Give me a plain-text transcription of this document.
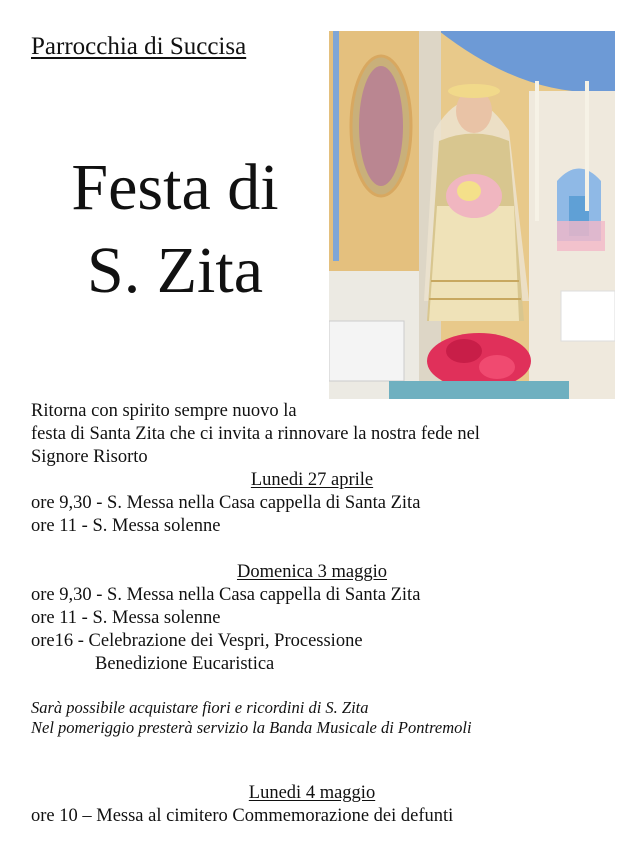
Parrocchia di Succisa
Festa di
S. Zita
Ritorna con spirito sempre nuovo la
festa di Santa Zita che ci invita a rinnovare la nostra fede nel
Signore Risorto
Lunedi 27 aprile
ore 9,30 - S. Messa nella Casa cappella di Santa Zita
ore 11 - S. Messa solenne
Domenica 3 maggio
ore 9,30 - S. Messa nella Casa cappella di Santa Zita
ore 11 - S. Messa solenne
ore16 - Celebrazione dei Vespri, Processione
Benedizione Eucaristica
Sarà possibile acquistare fiori e ricordini di S. Zita
Nel pomeriggio presterà servizio la Banda Musicale di Pontremoli
Lunedi 4 maggio
ore 10 – Messa al cimitero Commemorazione dei defunti
